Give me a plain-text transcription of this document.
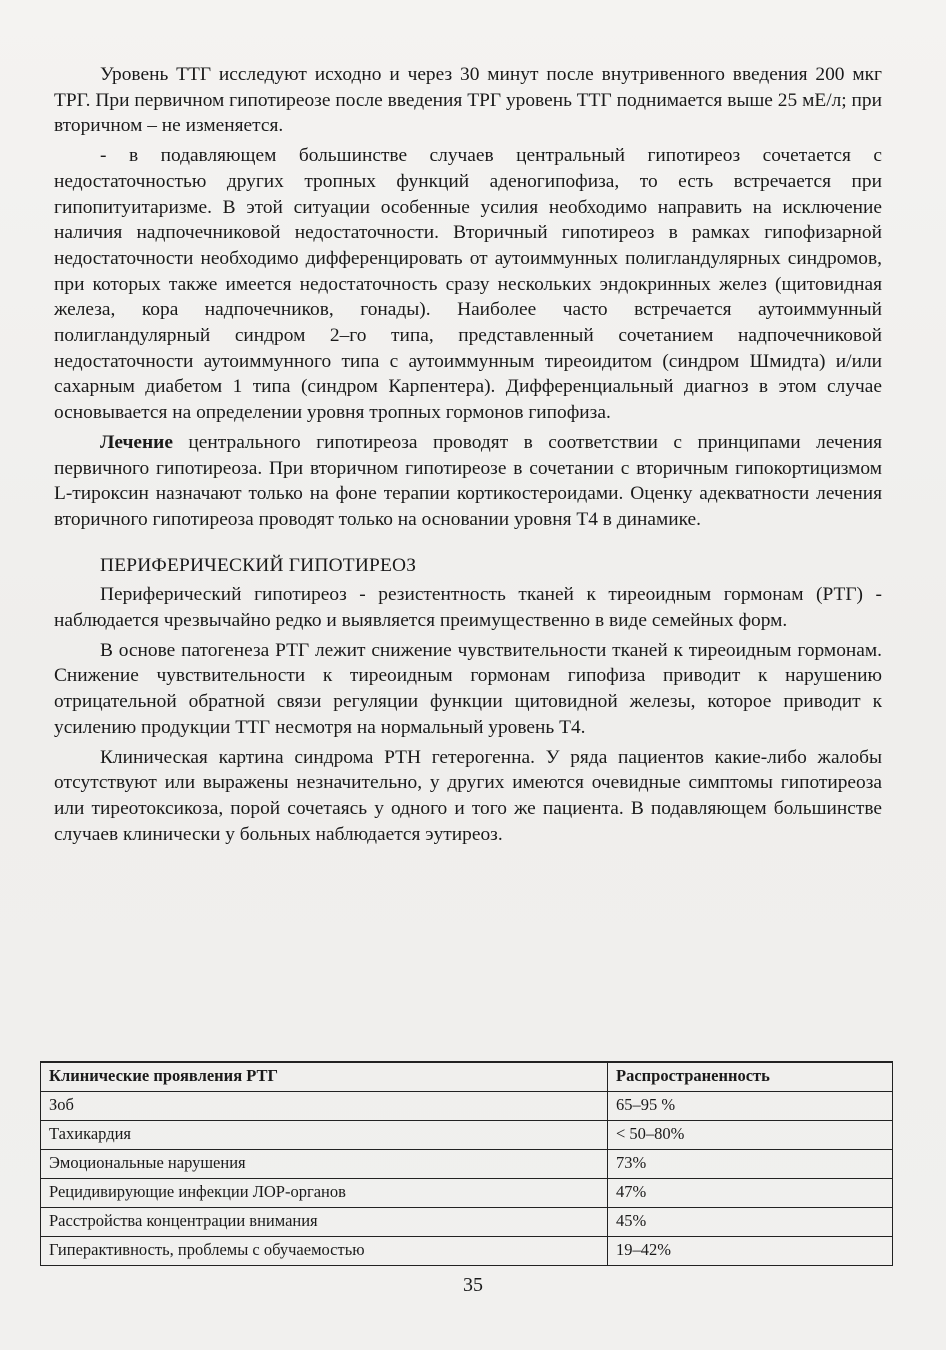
Уровень ТТГ исследуют исходно и через 30 минут после внутривенного введения 200 мкг ТРГ. При первичном гипотиреозе после введения ТРГ уровень ТТГ поднимается выше 25 мЕ/л; при вторичном – не изменяется.

- в подавляющем большинстве случаев центральный гипотиреоз сочетается с недостаточностью других тропных функций аденогипофиза, то есть встречается при гипопитуитаризме. В этой ситуации особенные усилия необходимо направить на исключение наличия надпочечниковой недостаточности. Вторичный гипотиреоз в рамках гипофизарной недостаточности необходимо дифференцировать от аутоиммунных полигландулярных синдромов, при которых также имеется недостаточность сразу нескольких эндокринных желез (щитовидная железа, кора надпочечников, гонады). Наиболее часто встречается аутоиммунный полигландулярный синдром 2–го типа, представленный сочетанием надпочечниковой недостаточности аутоиммунного типа с аутоиммунным тиреоидитом (синдром Шмидта) и/или сахарным диабетом 1 типа (синдром Карпентера). Дифференциальный диагноз в этом случае основывается на определении уровня тропных гормонов гипофиза.

Лечение центрального гипотиреоза проводят в соответствии с принципами лечения первичного гипотиреоза. При вторичном гипотиреозе в сочетании с вторичным гипокортицизмом L-тироксин назначают только на фоне терапии кортикостероидами. Оценку адекватности лечения вторичного гипотиреоза проводят только на основании уровня Т4 в динамике.

ПЕРИФЕРИЧЕСКИЙ ГИПОТИРЕОЗ

Периферический гипотиреоз - резистентность тканей к тиреоидным гормонам (РТГ) - наблюдается чрезвычайно редко и выявляется преимущественно в виде семейных форм.

В основе патогенеза РТГ лежит снижение чувствительности тканей к тиреоидным гормонам. Снижение чувствительности к тиреоидным гормонам гипофиза приводит к нарушению отрицательной обратной связи регуляции функции щитовидной железы, которое приводит к усилению продукции ТТГ несмотря на нормальный уровень Т4.

Клиническая картина синдрома РТН гетерогенна. У ряда пациентов какие-либо жалобы отсутствуют или выражены незначительно, у других имеются очевидные симптомы гипотиреоза или тиреотоксикоза, порой сочетаясь у одного и того же пациента. В подавляющем большинстве случаев клинически у больных наблюдается эутиреоз.

Клинические проявления РТГ	Распространенность
Зоб	65–95 %
Тахикардия	< 50–80%
Эмоциональные нарушения	73%
Рецидивирующие инфекции ЛОР-органов	47%
Расстройства концентрации внимания	45%
Гиперактивность, проблемы с обучаемостью	19–42%
35
